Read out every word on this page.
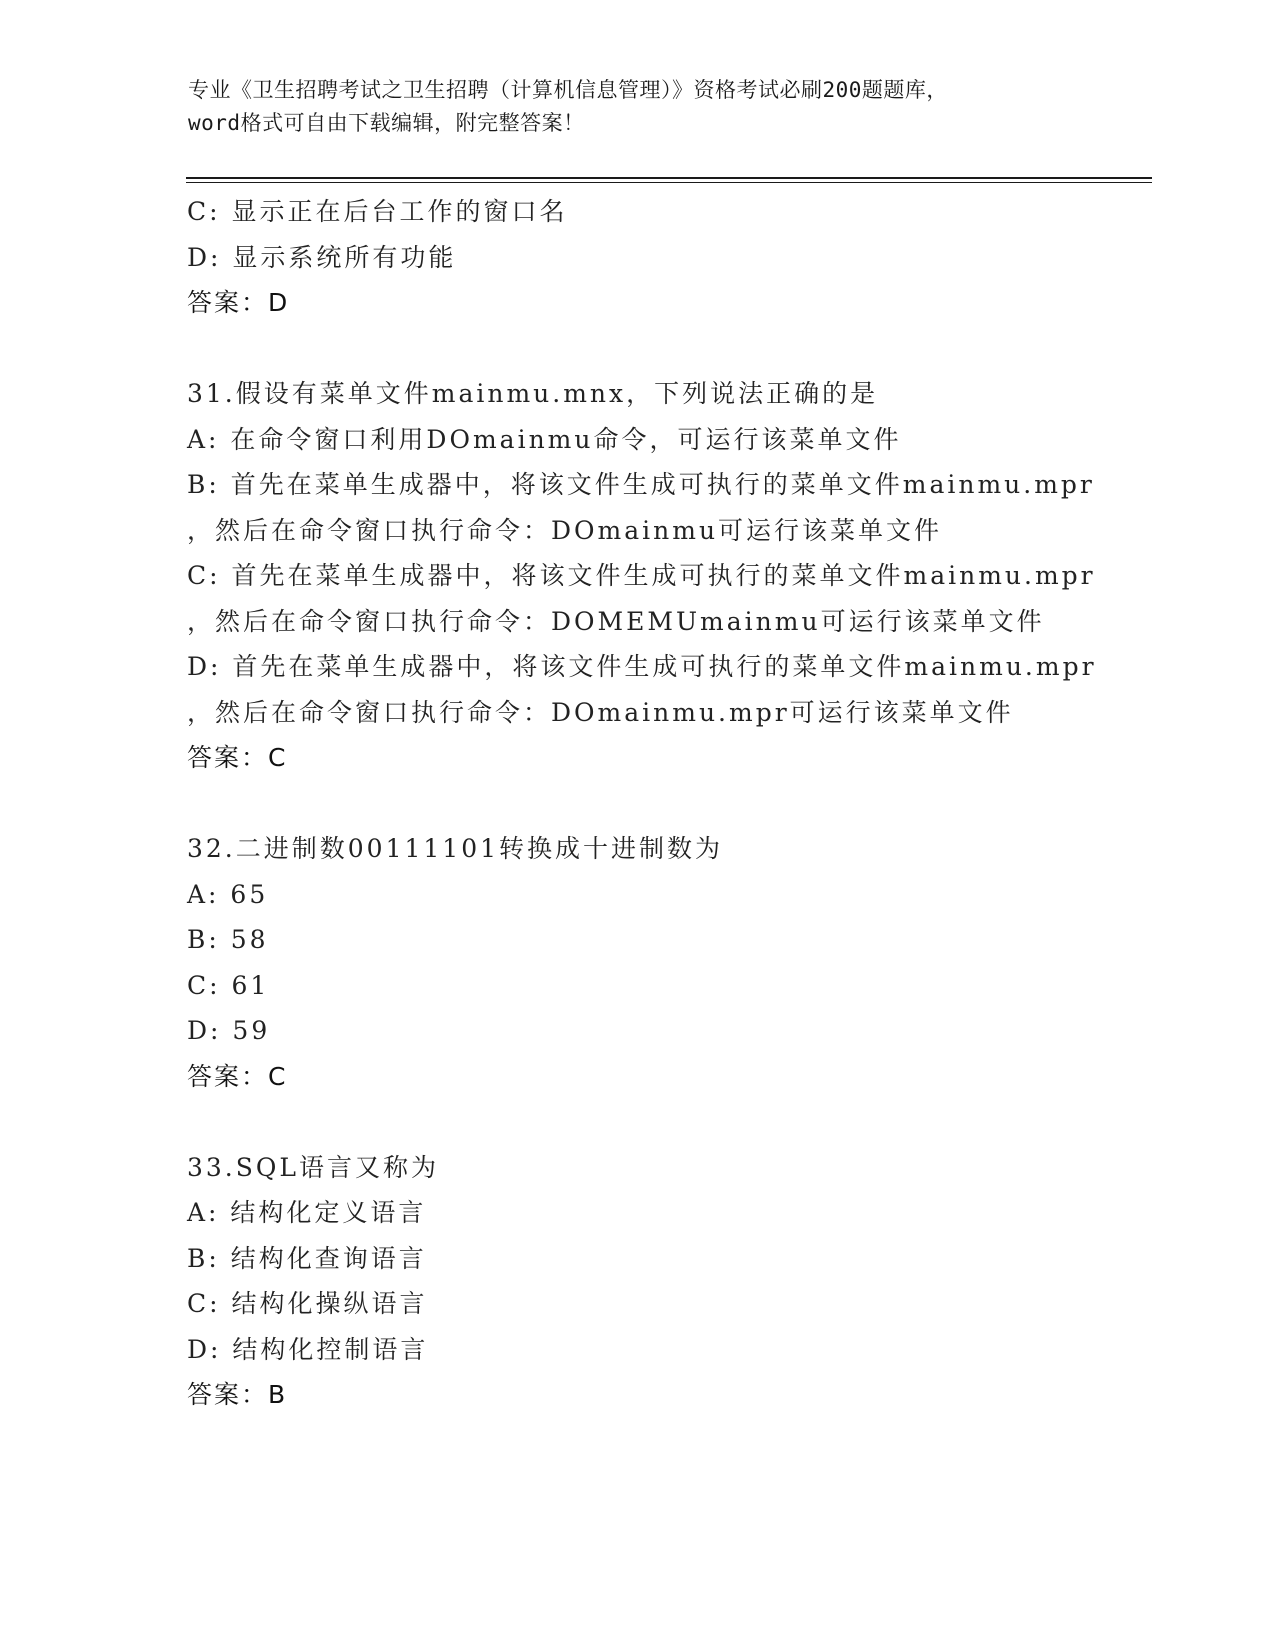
专业《卫生招聘考试之卫生招聘（计算机信息管理）》资格考试必刷200题题库，
word格式可自由下载编辑，附完整答案！
C: 显示正在后台工作的窗口名
D: 显示系统所有功能
答案：D
31.假设有菜单文件mainmu.mnx，下列说法正确的是
A: 在命令窗口利用DOmainmu命令，可运行该菜单文件
B: 首先在菜单生成器中，将该文件生成可执行的菜单文件mainmu.mpr
，然后在命令窗口执行命令：DOmainmu可运行该菜单文件
C: 首先在菜单生成器中，将该文件生成可执行的菜单文件mainmu.mpr
，然后在命令窗口执行命令：DOMEMUmainmu可运行该菜单文件
D: 首先在菜单生成器中，将该文件生成可执行的菜单文件mainmu.mpr
，然后在命令窗口执行命令：DOmainmu.mpr可运行该菜单文件
答案：C
32.二进制数00111101转换成十进制数为
A: 65
B: 58
C: 61
D: 59
答案：C
33.SQL语言又称为
A: 结构化定义语言
B: 结构化查询语言
C: 结构化操纵语言
D: 结构化控制语言
答案：B
